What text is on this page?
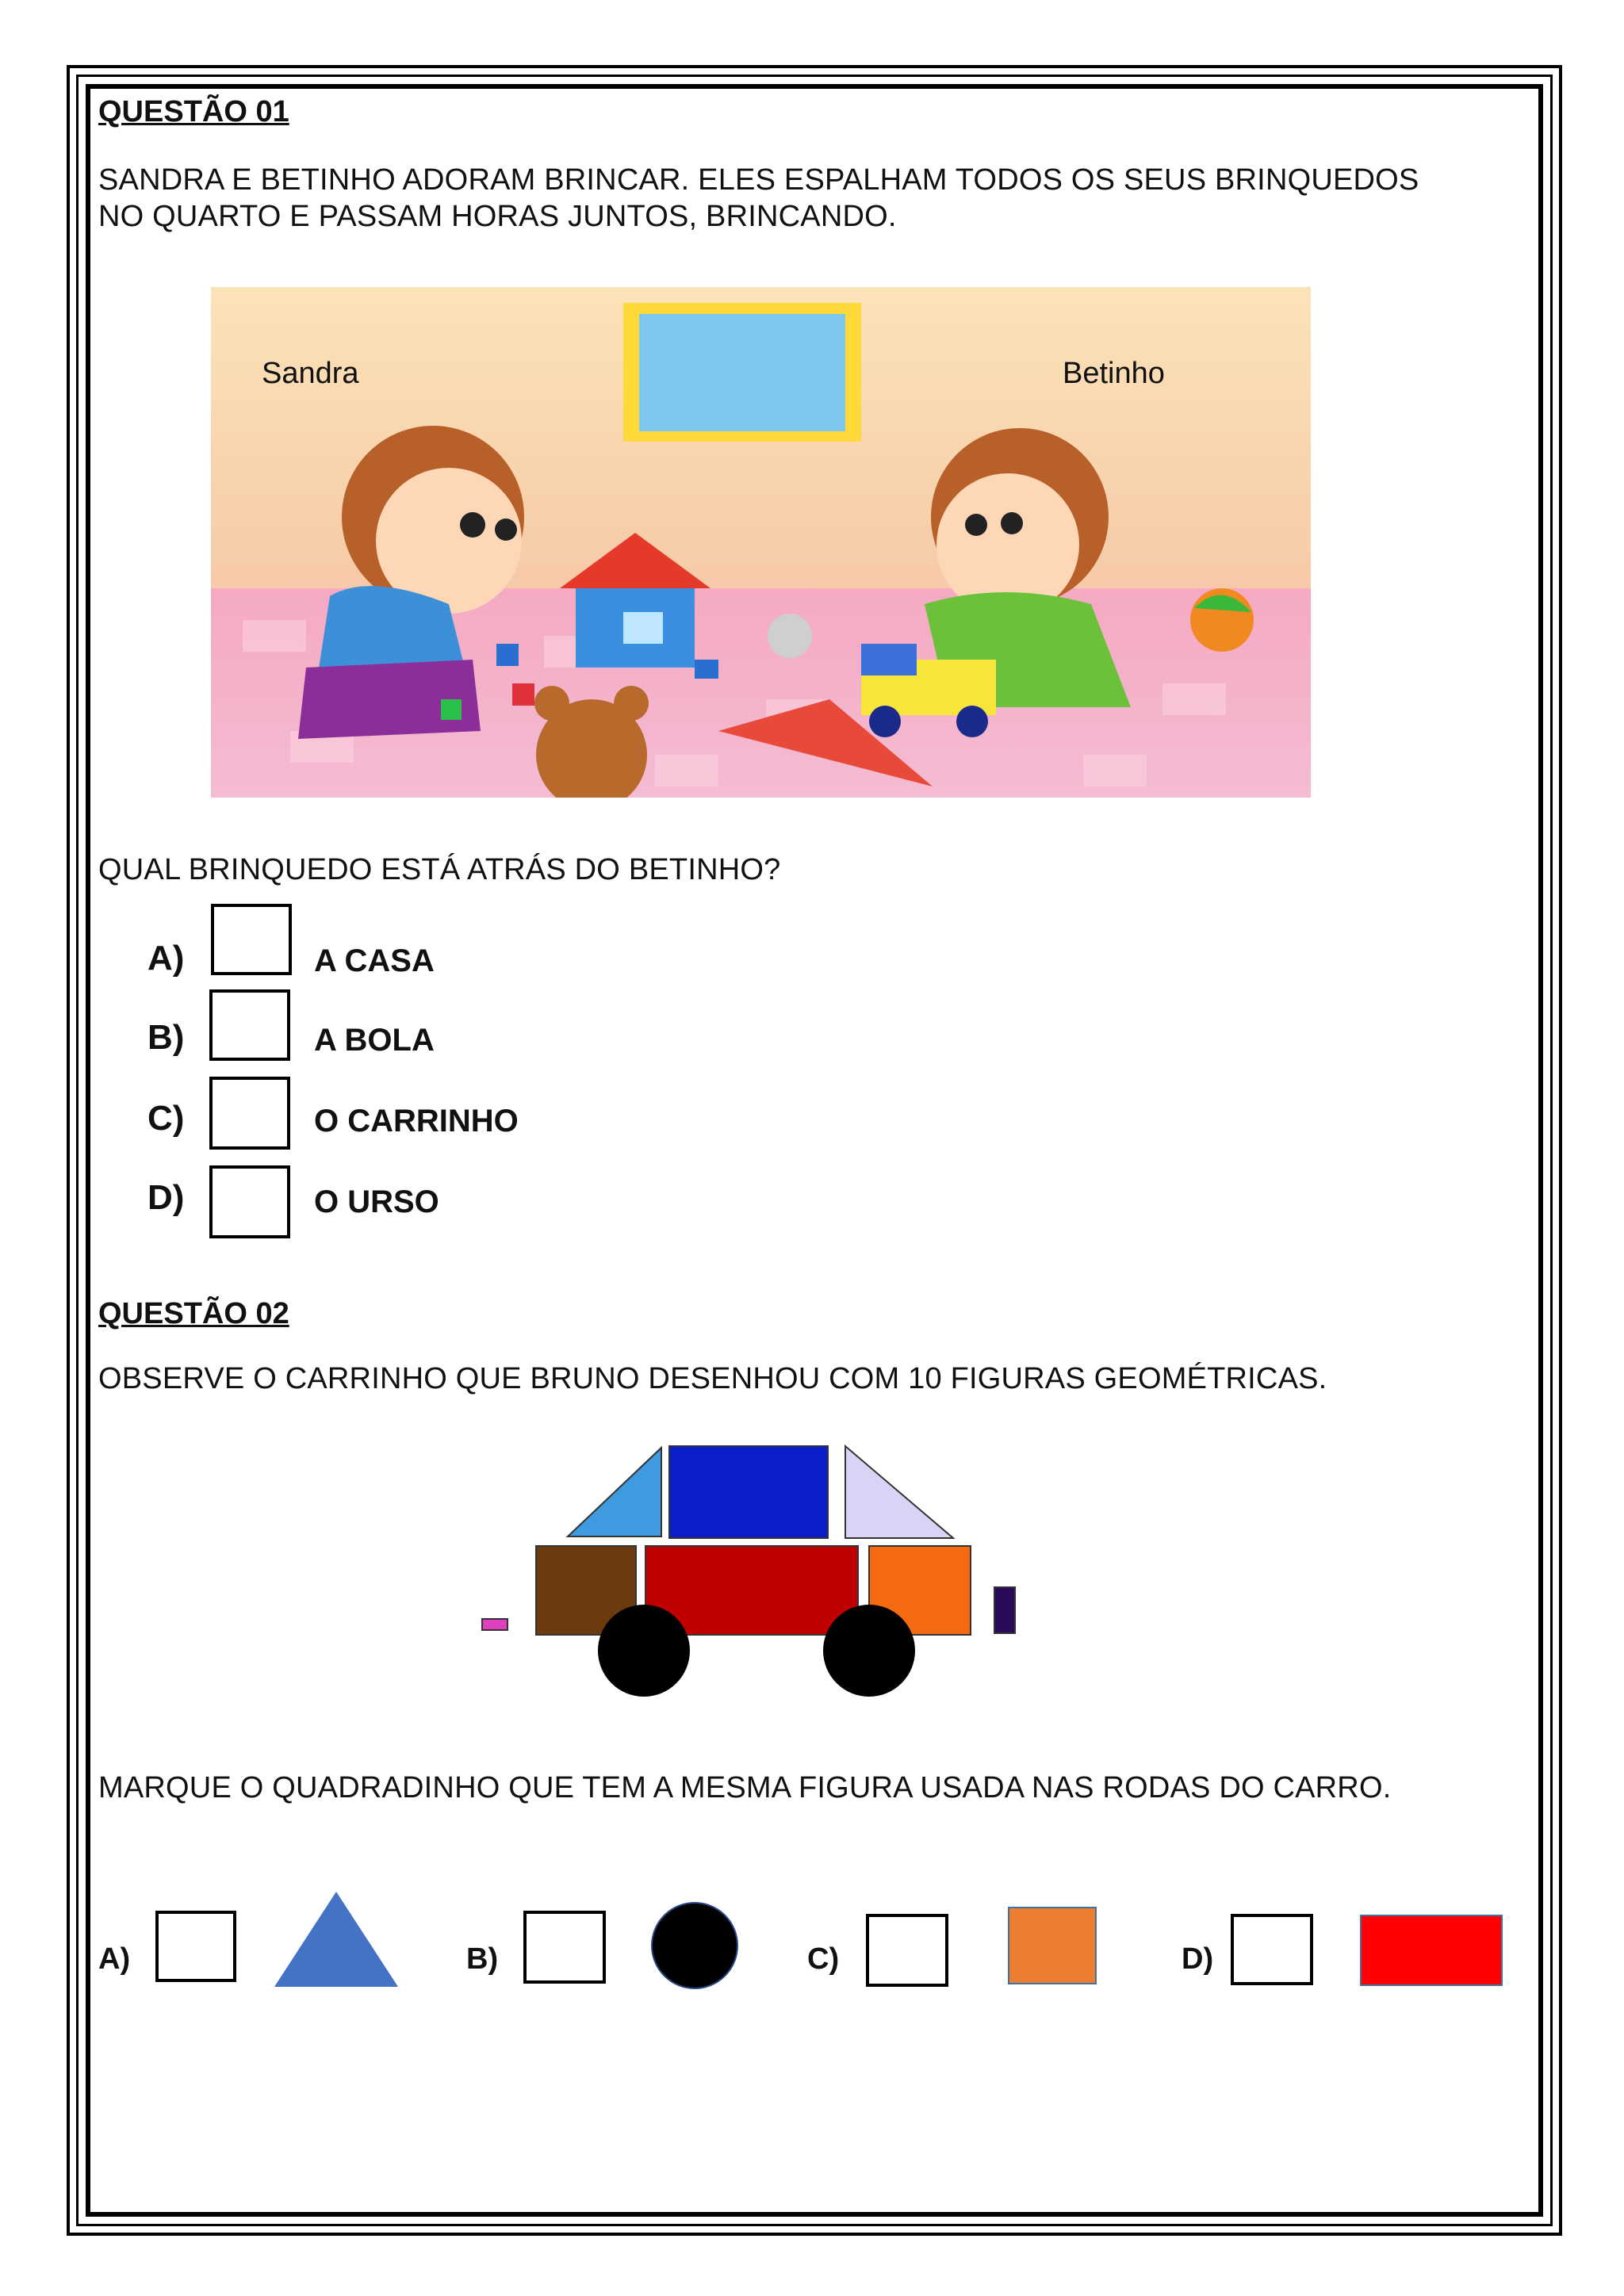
QUESTÃO 01
SANDRA E BETINHO ADORAM BRINCAR. ELES ESPALHAM TODOS OS SEUS BRINQUEDOS
NO QUARTO E PASSAM HORAS JUNTOS, BRINCANDO.
Sandra	Betinho
QUAL BRINQUEDO ESTÁ ATRÁS DO BETINHO?
A)	A CASA
B)	A BOLA
C)	O CARRINHO
D)	O URSO
QUESTÃO 02
OBSERVE O CARRINHO QUE BRUNO DESENHOU COM 10 FIGURAS GEOMÉTRICAS.
MARQUE O QUADRADINHO QUE TEM A MESMA FIGURA USADA NAS RODAS DO CARRO.
A)	B)	C)	D)
